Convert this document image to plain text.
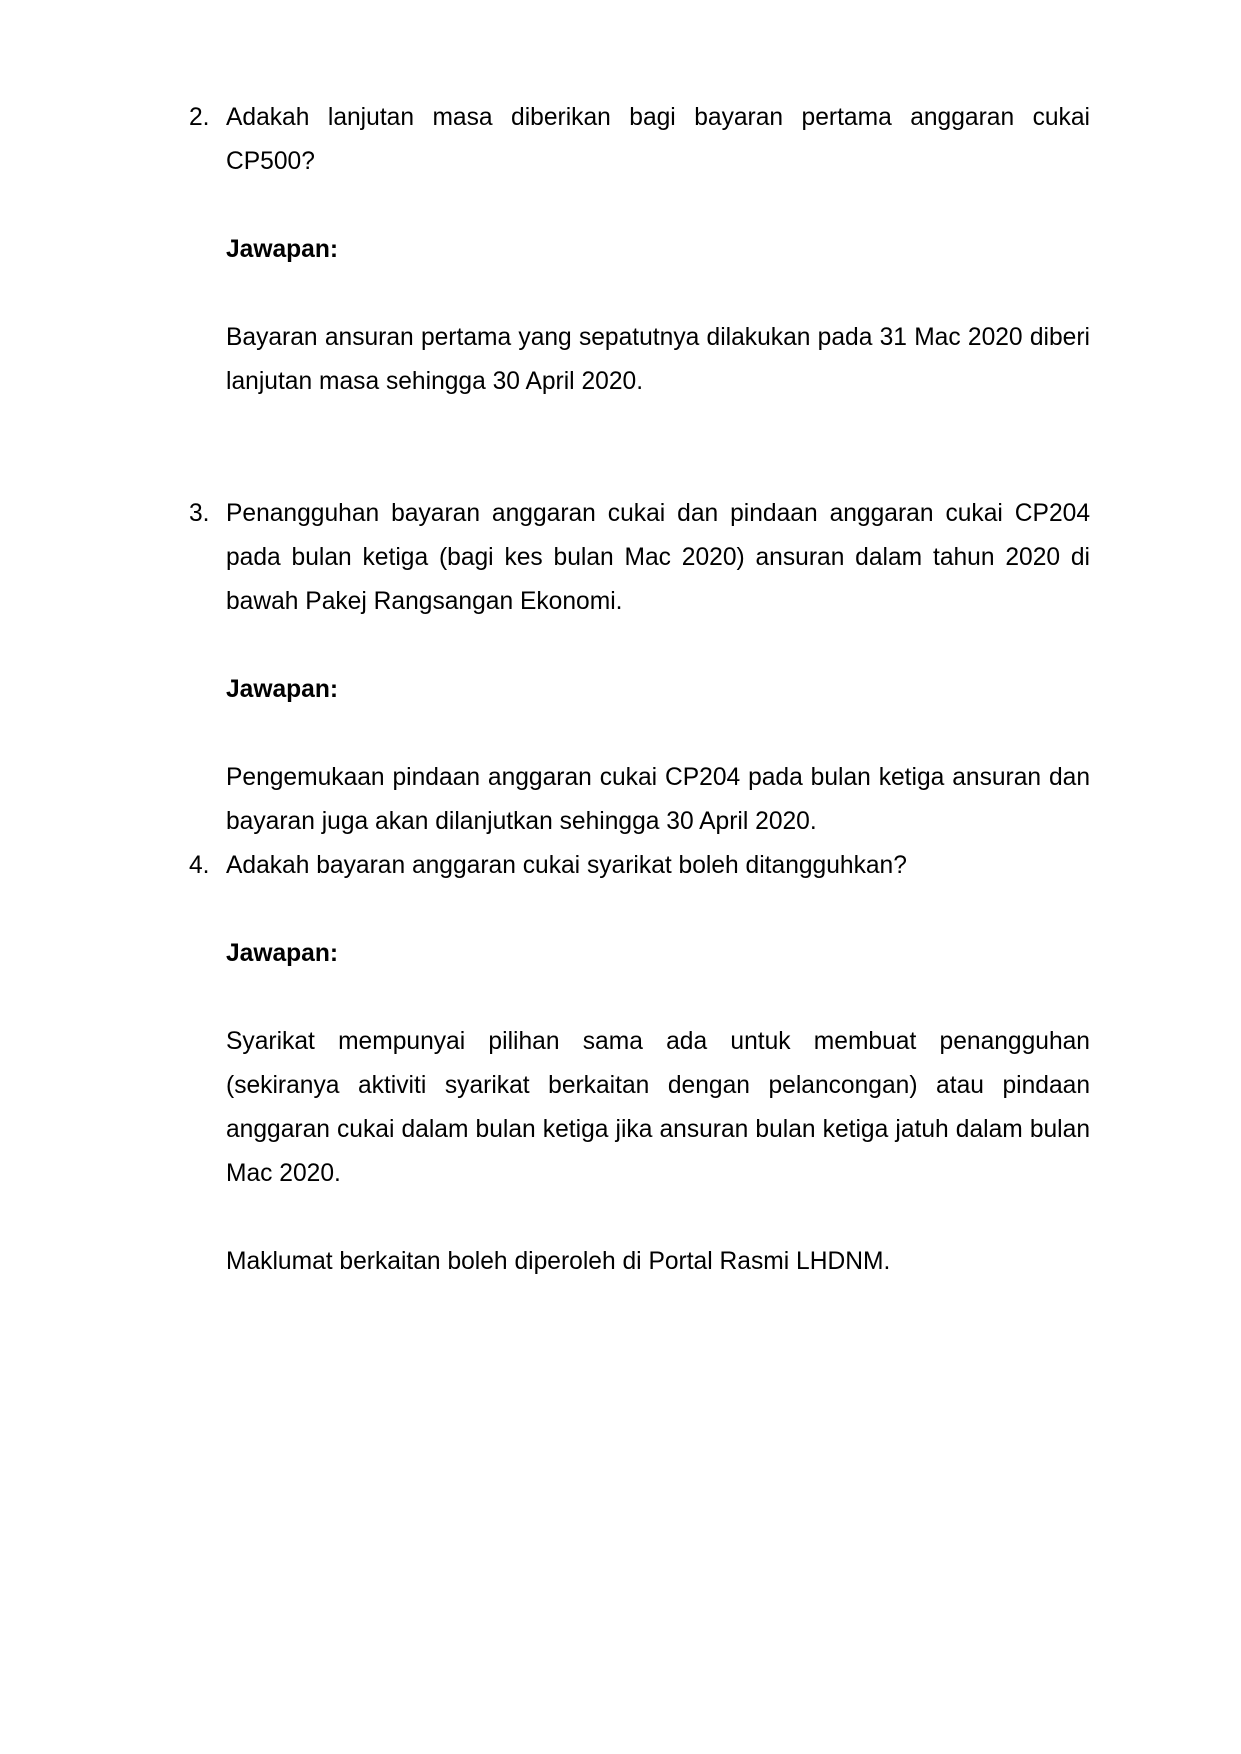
2. Adakah lanjutan masa diberikan bagi bayaran pertama anggaran cukai CP500?

Jawapan:

Bayaran ansuran pertama yang sepatutnya dilakukan pada 31 Mac 2020 diberi lanjutan masa sehingga 30 April 2020.

3. Penangguhan bayaran anggaran cukai dan pindaan anggaran cukai CP204 pada bulan ketiga (bagi kes bulan Mac 2020) ansuran dalam tahun 2020 di bawah Pakej Rangsangan Ekonomi.

Jawapan:

Pengemukaan pindaan anggaran cukai CP204 pada bulan ketiga ansuran dan bayaran juga akan dilanjutkan sehingga 30 April 2020.

4. Adakah bayaran anggaran cukai syarikat boleh ditangguhkan?

Jawapan:

Syarikat mempunyai pilihan sama ada untuk membuat penangguhan (sekiranya aktiviti syarikat berkaitan dengan pelancongan) atau pindaan anggaran cukai dalam bulan ketiga jika ansuran bulan ketiga jatuh dalam bulan Mac 2020.

Maklumat berkaitan boleh diperoleh di Portal Rasmi LHDNM.
